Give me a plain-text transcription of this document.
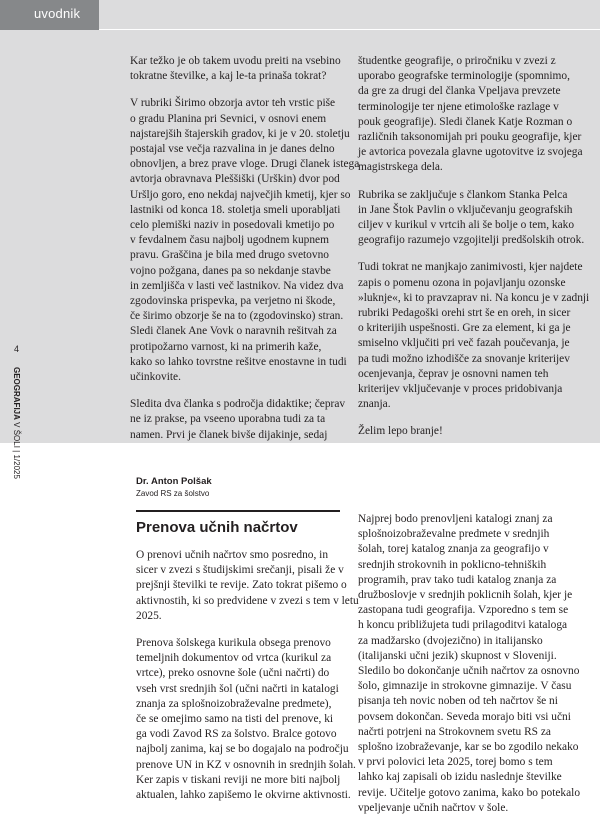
uvodnik

Kar težko je ob takem uvodu preiti na vsebino
tokratne številke, a kaj le-ta prinaša tokrat?

V rubriki Širimo obzorja avtor teh vrstic piše
o gradu Planina pri Sevnici, v osnovi enem
najstarejših štajerskih gradov, ki je v 20. stoletju
postajal vse večja razvalina in je danes delno
obnovljen, a brez prave vloge. Drugi članek istega
avtorja obravnava Pleššiški (Urškin) dvor pod
Uršljo goro, eno nekdaj največjih kmetij, kjer so
lastniki od konca 18. stoletja smeli uporabljati
celo plemiški naziv in posedovali kmetijo po
v fevdalnem času najbolj ugodnem kupnem
pravu. Graščina je bila med drugo svetovno
vojno požgana, danes pa so nekdanje stavbe
in zemljišča v lasti več lastnikov. Na videz dva
zgodovinska prispevka, pa verjetno ni škode,
če širimo obzorje še na to (zgodovinsko) stran.
Sledi članek Ane Vovk o naravnih rešitvah za
protipožarno varnost, ki na primerih kaže,
kako so lahko tovrstne rešitve enostavne in tudi
učinkovite.

Sledita dva članka s področja didaktike; čeprav
ne iz prakse, pa vseeno uporabna tudi za ta
namen. Prvi je članek bivše dijakinje, sedaj

študentke geografije, o priročniku v zvezi z
uporabo geografske terminologije (spomnimo,
da gre za drugi del članka Vpeljava prevzete
terminologije ter njene etimološke razlage v
pouk geografije). Sledi članek Katje Rozman o
različnih taksonomijah pri pouku geografije, kjer
je avtorica povezala glavne ugotovitve iz svojega
magistrskega dela.

Rubrika se zaključuje s člankom Stanka Pelca
in Jane Štok Pavlin o vključevanju geografskih
ciljev v kurikul v vrtcih ali še bolje o tem, kako
geografijo razumejo vzgojitelji predšolskih otrok.

Tudi tokrat ne manjkajo zanimivosti, kjer najdete
zapis o pomenu ozona in pojavljanju ozonske
»luknje«, ki to pravzaprav ni. Na koncu je v zadnji
rubriki Pedagoški orehi strt še en oreh, in sicer
o kriterijih uspešnosti. Gre za element, ki ga je
smiselno vključiti pri več fazah poučevanja, je
pa tudi možno izhodišče za snovanje kriterijev
ocenjevanja, čeprav je osnovni namen teh
kriterijev vključevanje v proces pridobivanja
znanja.

Želim lepo branje!

4
GEOGRAFIJA V ŠOLI | 1/2025
Dr. Anton Polšak
Zavod RS za šolstvo
Prenova učnih načrtov

O prenovi učnih načrtov smo posredno, in
sicer v zvezi s študijskimi srečanji, pisali že v
prejšnji številki te revije. Zato tokrat pišemo o
aktivnostih, ki so predvidene v zvezi s tem v letu
2025.

Prenova šolskega kurikula obsega prenovo
temeljnih dokumentov od vrtca (kurikul za
vrtce), preko osnovne šole (učni načrti) do
vseh vrst srednjih šol (učni načrti in katalogi
znanja za splošnoizobraževalne predmete),
če se omejimo samo na tisti del prenove, ki
ga vodi Zavod RS za šolstvo. Bralce gotovo
najbolj zanima, kaj se bo dogajalo na področju
prenove UN in KZ v osnovnih in srednjih šolah.
Ker zapis v tiskani reviji ne more biti najbolj
aktualen, lahko zapišemo le okvirne aktivnosti.

Najprej bodo prenovljeni katalogi znanj za
splošnoizobraževalne predmete v srednjih
šolah, torej katalog znanja za geografijo v
srednjih strokovnih in poklicno-tehniških
programih, prav tako tudi katalog znanja za
družboslovje v srednjih poklicnih šolah, kjer je
zastopana tudi geografija. Vzporedno s tem se
h koncu približujeta tudi prilagoditvi kataloga
za madžarsko (dvojezično) in italijansko
(italijanski učni jezik) skupnost v Sloveniji.
Sledilo bo dokončanje učnih načrtov za osnovno
šolo, gimnazije in strokovne gimnazije. V času
pisanja teh novic noben od teh načrtov še ni
povsem dokončan. Seveda morajo biti vsi učni
načrti potrjeni na Strokovnem svetu RS za
splošno izobraževanje, kar se bo zgodilo nekako
v prvi polovici leta 2025, torej bomo s tem
lahko kaj zapisali ob izidu naslednje številke
revije. Učitelje gotovo zanima, kako bo potekalo
vpeljevanje učnih načrtov v šole.
